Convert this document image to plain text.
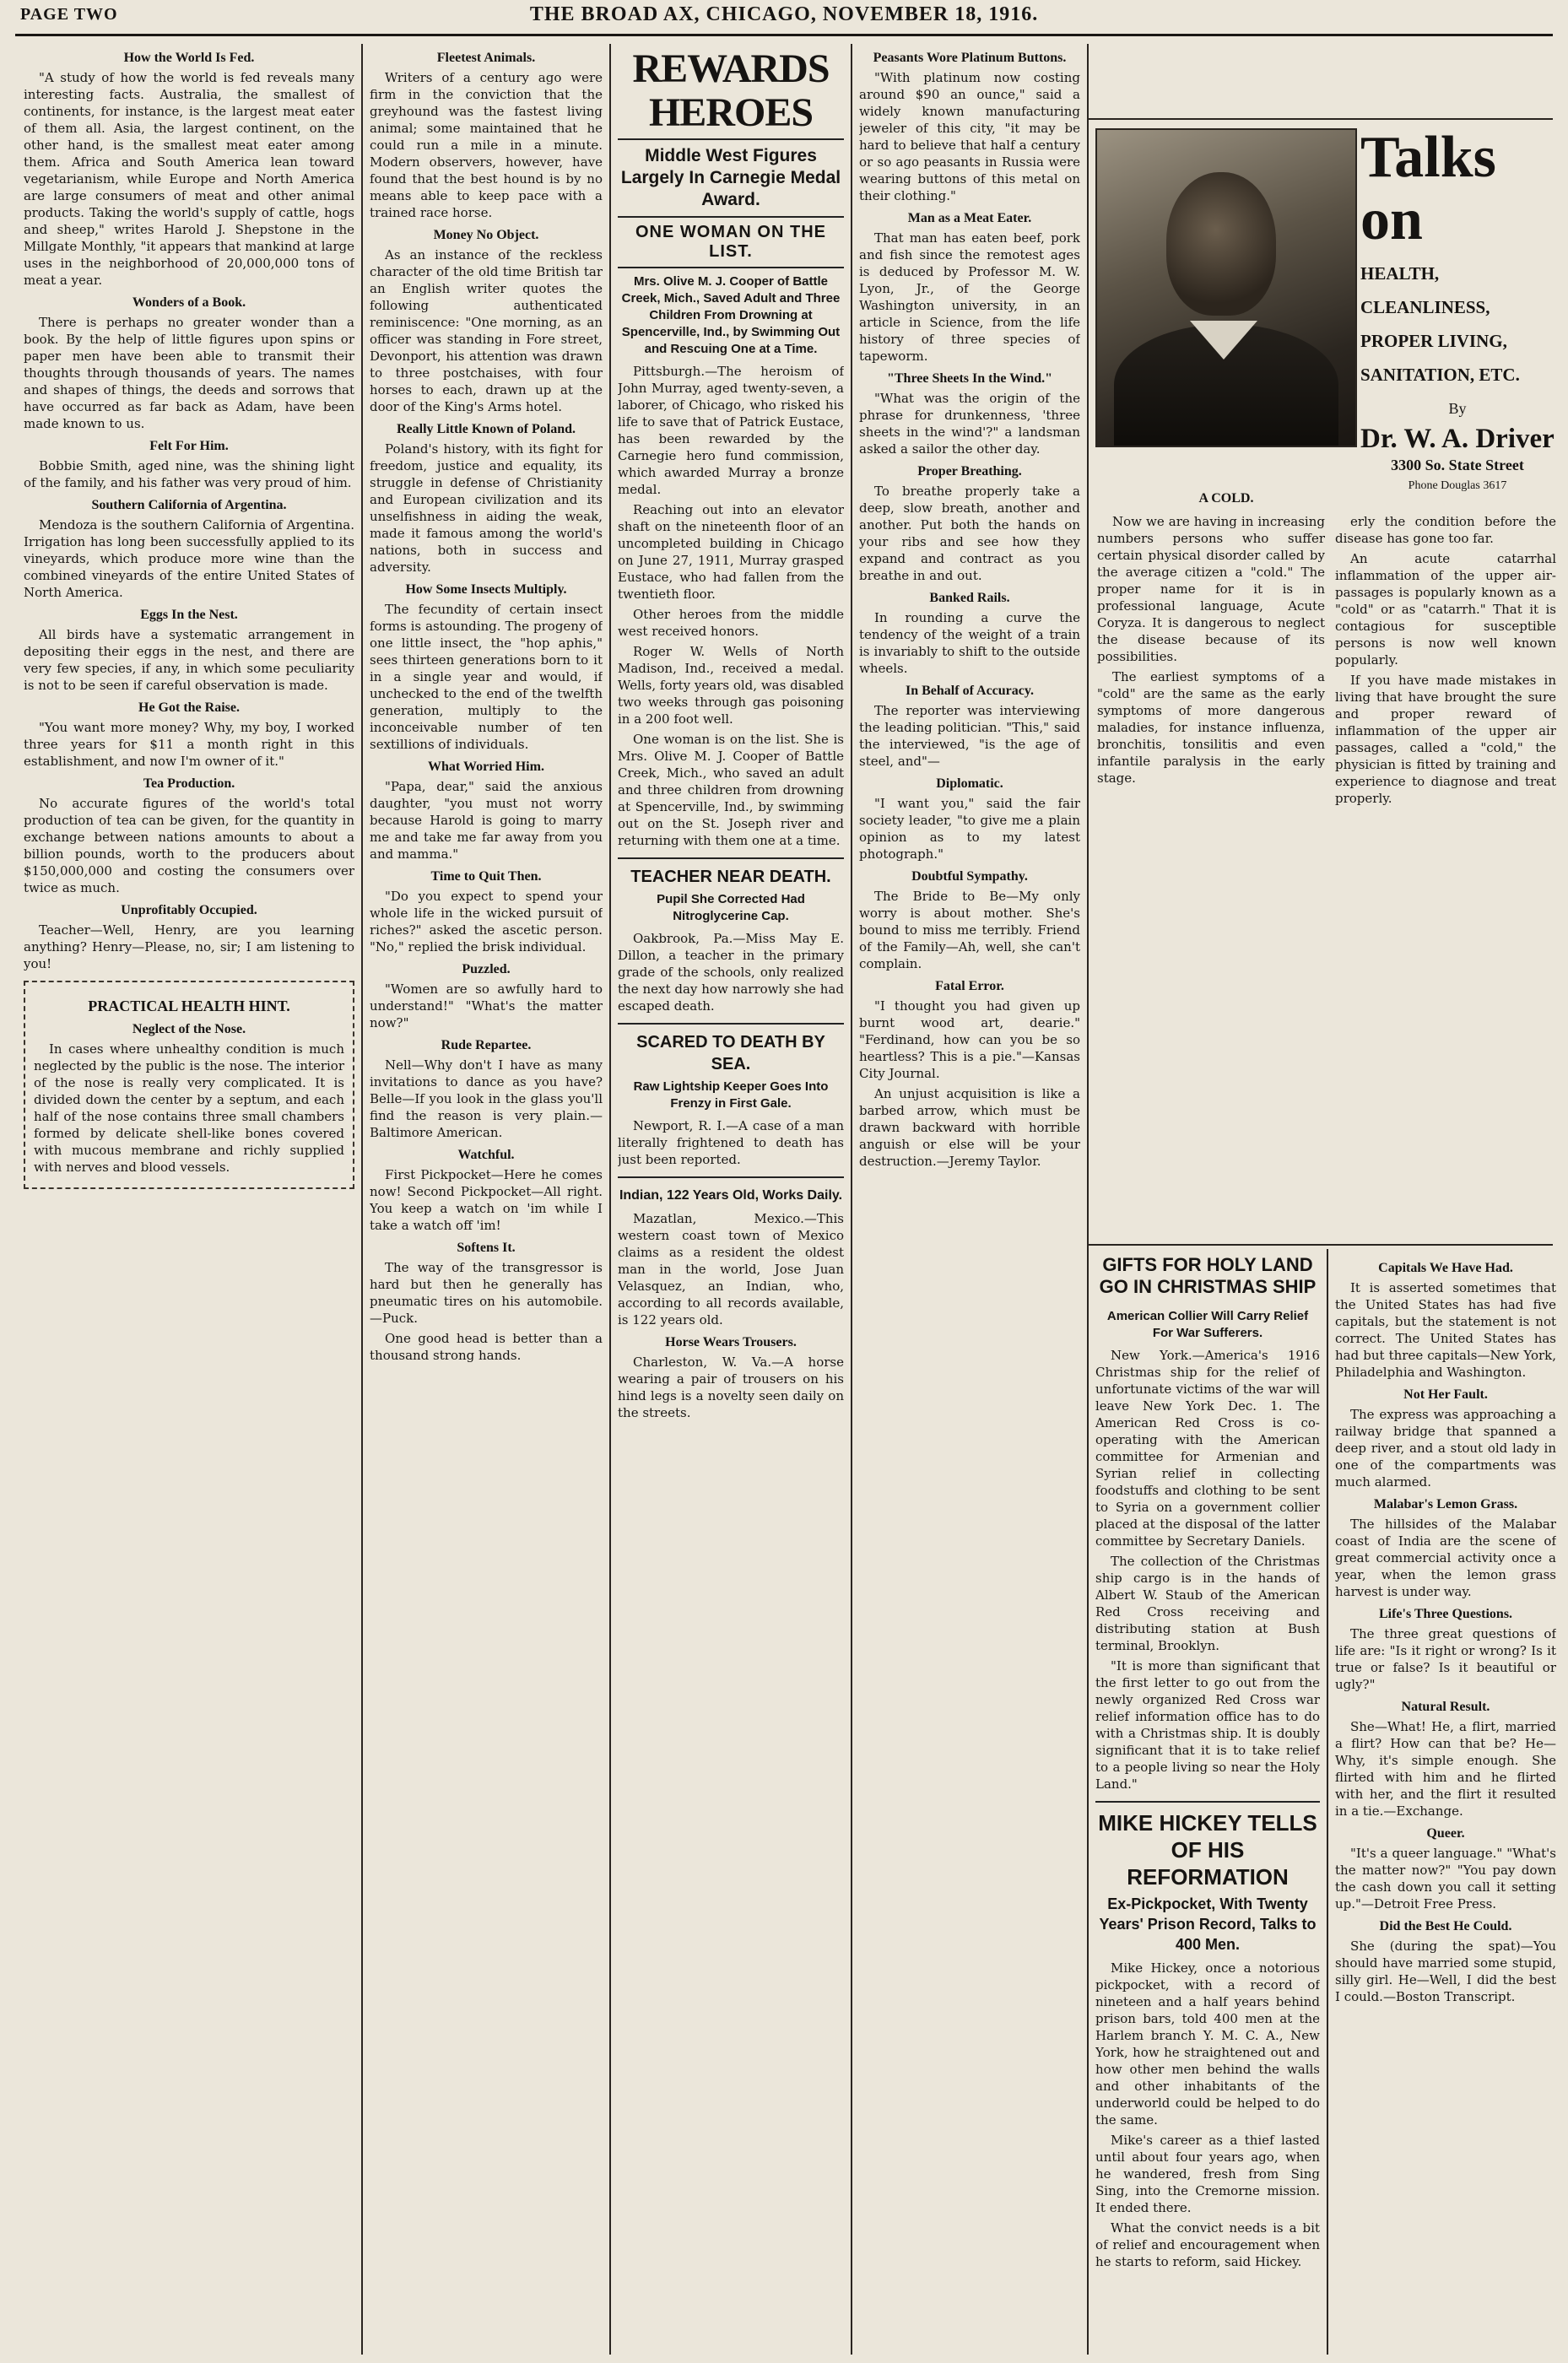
PAGE TWO	THE BROAD AX, CHICAGO, NOVEMBER 18, 1916.
How the World Is Fed.

"A study of how the world is fed reveals many interesting facts. Australia, the smallest of continents, for instance, is the largest meat eater of them all. Asia, the largest continent, on the other hand, is the smallest meat eater among them. Africa and South America lean toward vegetarianism, while Europe and North America are large consumers of meat and other animal products. Taking the world's supply of cattle, hogs and sheep," writes Harold J. Shepstone in the Millgate Monthly, "it appears that mankind at large uses in the neighborhood of 20,000,000 tons of meat a year.

Wonders of a Book.

There is perhaps no greater wonder than a book. By the help of little figures upon spins or paper men have been able to transmit their thoughts through thousands of years. The names and shapes of things, the deeds and sorrows that have occurred as far back as Adam, have been made known to us.

Felt For Him.

Bobbie Smith, aged nine, was the shining light of the family, and his father was very proud of him.

Southern California of Argentina.

Mendoza is the southern California of Argentina. Irrigation has long been successfully applied to its vineyards, which produce more wine than the combined vineyards of the entire United States of North America.

Eggs In the Nest.

All birds have a systematic arrangement in depositing their eggs in the nest, and there are very few species, if any, in which some peculiarity is not to be seen if careful observation is made.

He Got the Raise.

"You want more money? Why, my boy, I worked three years for $11 a month right in this establishment, and now I'm owner of it."

Tea Production.

No accurate figures of the world's total production of tea can be given, for the quantity in exchange between nations amounts to about a billion pounds, worth to the producers about $150,000,000 and costing the consumers over twice as much.

Unprofitably Occupied.

Teacher—Well, Henry, are you learning anything? Henry—Please, no, sir; I am listening to you!

PRACTICAL HEALTH HINT.
Neglect of the Nose.

In cases where unhealthy condition is much neglected by the public is the nose. The interior of the nose is really very complicated. It is divided down the center by a septum, and each half of the nose contains three small chambers formed by delicate shell-like bones covered with mucous membrane and richly supplied with nerves and blood vessels.

Fleetest Animals.

Writers of a century ago were firm in the conviction that the greyhound was the fastest living animal; some maintained that he could run a mile in a minute. Modern observers, however, have found that the best hound is by no means able to keep pace with a trained race horse.

Money No Object.

As an instance of the reckless character of the old time British tar an English writer quotes the following authenticated reminiscence: "One morning, as an officer was standing in Fore street, Devonport, his attention was drawn to three postchaises, with four horses to each, drawn up at the door of the King's Arms hotel.

Really Little Known of Poland.

Poland's history, with its fight for freedom, justice and equality, its struggle in defense of Christianity and European civilization and its unselfishness in aiding the weak, made it famous among the world's nations, both in success and adversity.

How Some Insects Multiply.

The fecundity of certain insect forms is astounding. The progeny of one little insect, the "hop aphis," sees thirteen generations born to it in a single year and would, if unchecked to the end of the twelfth generation, multiply to the inconceivable number of ten sextillions of individuals.

What Worried Him.

"Papa, dear," said the anxious daughter, "you must not worry because Harold is going to marry me and take me far away from you and mamma."

Time to Quit Then.

"Do you expect to spend your whole life in the wicked pursuit of riches?" asked the ascetic person. "No," replied the brisk individual.

Puzzled.

"Women are so awfully hard to understand!" "What's the matter now?"

Rude Repartee.

Nell—Why don't I have as many invitations to dance as you have? Belle—If you look in the glass you'll find the reason is very plain.—Baltimore American.

Watchful.

First Pickpocket—Here he comes now! Second Pickpocket—All right. You keep a watch on 'im while I take a watch off 'im!

Softens It.

The way of the transgressor is hard but then he generally has pneumatic tires on his automobile.—Puck.

One good head is better than a thousand strong hands.

REWARDS HEROES
Middle West Figures Largely In Carnegie Medal Award.
ONE WOMAN ON THE LIST.
Mrs. Olive M. J. Cooper of Battle Creek, Mich., Saved Adult and Three Children From Drowning at Spencerville, Ind., by Swimming Out and Rescuing One at a Time.

Pittsburgh.—The heroism of John Murray, aged twenty-seven, a laborer, of Chicago, who risked his life to save that of Patrick Eustace, has been rewarded by the Carnegie hero fund commission, which awarded Murray a bronze medal.

Reaching out into an elevator shaft on the nineteenth floor of an uncompleted building in Chicago on June 27, 1911, Murray grasped Eustace, who had fallen from the twentieth floor.

Other heroes from the middle west received honors.

Roger W. Wells of North Madison, Ind., received a medal. Wells, forty years old, was disabled two weeks through gas poisoning in a 200 foot well.

One woman is on the list. She is Mrs. Olive M. J. Cooper of Battle Creek, Mich., who saved an adult and three children from drowning at Spencerville, Ind., by swimming out on the St. Joseph river and returning with them one at a time.

TEACHER NEAR DEATH.
Pupil She Corrected Had Nitroglycerine Cap.

Oakbrook, Pa.—Miss May E. Dillon, a teacher in the primary grade of the schools, only realized the next day how narrowly she had escaped death.

SCARED TO DEATH BY SEA.
Raw Lightship Keeper Goes Into Frenzy in First Gale.

Newport, R. I.—A case of a man literally frightened to death has just been reported.

Indian, 122 Years Old, Works Daily.

Mazatlan, Mexico.—This western coast town of Mexico claims as a resident the oldest man in the world, Jose Juan Velasquez, an Indian, who, according to all records available, is 122 years old.

Horse Wears Trousers.

Charleston, W. Va.—A horse wearing a pair of trousers on his hind legs is a novelty seen daily on the streets.

Peasants Wore Platinum Buttons.

"With platinum now costing around $90 an ounce," said a widely known manufacturing jeweler of this city, "it may be hard to believe that half a century or so ago peasants in Russia were wearing buttons of this metal on their clothing."

Man as a Meat Eater.

That man has eaten beef, pork and fish since the remotest ages is deduced by Professor M. W. Lyon, Jr., of the George Washington university, in an article in Science, from the life history of three species of tapeworm.

"Three Sheets In the Wind."

"What was the origin of the phrase for drunkenness, 'three sheets in the wind'?" a landsman asked a sailor the other day.

Proper Breathing.

To breathe properly take a deep, slow breath, another and another. Put both the hands on your ribs and see how they expand and contract as you breathe in and out.

Banked Rails.

In rounding a curve the tendency of the weight of a train is invariably to shift to the outside wheels.

In Behalf of Accuracy.

The reporter was interviewing the leading politician. "This," said the interviewed, "is the age of steel, and"—

Diplomatic.

"I want you," said the fair society leader, "to give me a plain opinion as to my latest photograph."

Doubtful Sympathy.

The Bride to Be—My only worry is about mother. She's bound to miss me terribly. Friend of the Family—Ah, well, she can't complain.

Fatal Error.

"I thought you had given up burnt wood art, dearie." "Ferdinand, how can you be so heartless? This is a pie."—Kansas City Journal.

An unjust acquisition is like a barbed arrow, which must be drawn backward with horrible anguish or else will be your destruction.—Jeremy Taylor.

Talks on
HEALTH,
CLEANLINESS,
PROPER LIVING,
SANITATION, ETC.
By
Dr. W. A. Driver
3300 So. State Street
Phone Douglas 3617
A COLD.

Now we are having in increasing numbers persons who suffer certain physical disorder called by the average citizen a "cold." The proper name for it is in professional language, Acute Coryza. It is dangerous to neglect the disease because of its possibilities.

The earliest symptoms of a "cold" are the same as the early symptoms of more dangerous maladies, for instance influenza, bronchitis, tonsilitis and even infantile paralysis in the early stage.

erly the condition before the disease has gone too far.

An acute catarrhal inflammation of the upper air-passages is popularly known as a "cold" or as "catarrh." That it is contagious for susceptible persons is now well known popularly.

If you have made mistakes in living that have brought the sure and proper reward of inflammation of the upper air passages, called a "cold," the physician is fitted by training and experience to diagnose and treat properly.

GIFTS FOR HOLY LAND GO IN CHRISTMAS SHIP
American Collier Will Carry Relief For War Sufferers.

New York.—America's 1916 Christmas ship for the relief of unfortunate victims of the war will leave New York Dec. 1. The American Red Cross is co-operating with the American committee for Armenian and Syrian relief in collecting foodstuffs and clothing to be sent to Syria on a government collier placed at the disposal of the latter committee by Secretary Daniels.

The collection of the Christmas ship cargo is in the hands of Albert W. Staub of the American Red Cross receiving and distributing station at Bush terminal, Brooklyn.

"It is more than significant that the first letter to go out from the newly organized Red Cross war relief information office has to do with a Christmas ship. It is doubly significant that it is to take relief to a people living so near the Holy Land."

MIKE HICKEY TELLS OF HIS REFORMATION
Ex-Pickpocket, With Twenty Years' Prison Record, Talks to 400 Men.

Mike Hickey, once a notorious pickpocket, with a record of nineteen and a half years behind prison bars, told 400 men at the Harlem branch Y. M. C. A., New York, how he straightened out and how other men behind the walls and other inhabitants of the underworld could be helped to do the same.

Mike's career as a thief lasted until about four years ago, when he wandered, fresh from Sing Sing, into the Cremorne mission. It ended there.

What the convict needs is a bit of relief and encouragement when he starts to reform, said Hickey.

Capitals We Have Had.

It is asserted sometimes that the United States has had five capitals, but the statement is not correct. The United States has had but three capitals—New York, Philadelphia and Washington.

Not Her Fault.

The express was approaching a railway bridge that spanned a deep river, and a stout old lady in one of the compartments was much alarmed.

Malabar's Lemon Grass.

The hillsides of the Malabar coast of India are the scene of great commercial activity once a year, when the lemon grass harvest is under way.

Life's Three Questions.

The three great questions of life are: "Is it right or wrong? Is it true or false? Is it beautiful or ugly?"

Natural Result.

She—What! He, a flirt, married a flirt? How can that be? He—Why, it's simple enough. She flirted with him and he flirted with her, and the flirt it resulted in a tie.—Exchange.

Queer.

"It's a queer language." "What's the matter now?" "You pay down the cash down you call it setting up."—Detroit Free Press.

Did the Best He Could.

She (during the spat)—You should have married some stupid, silly girl. He—Well, I did the best I could.—Boston Transcript.
